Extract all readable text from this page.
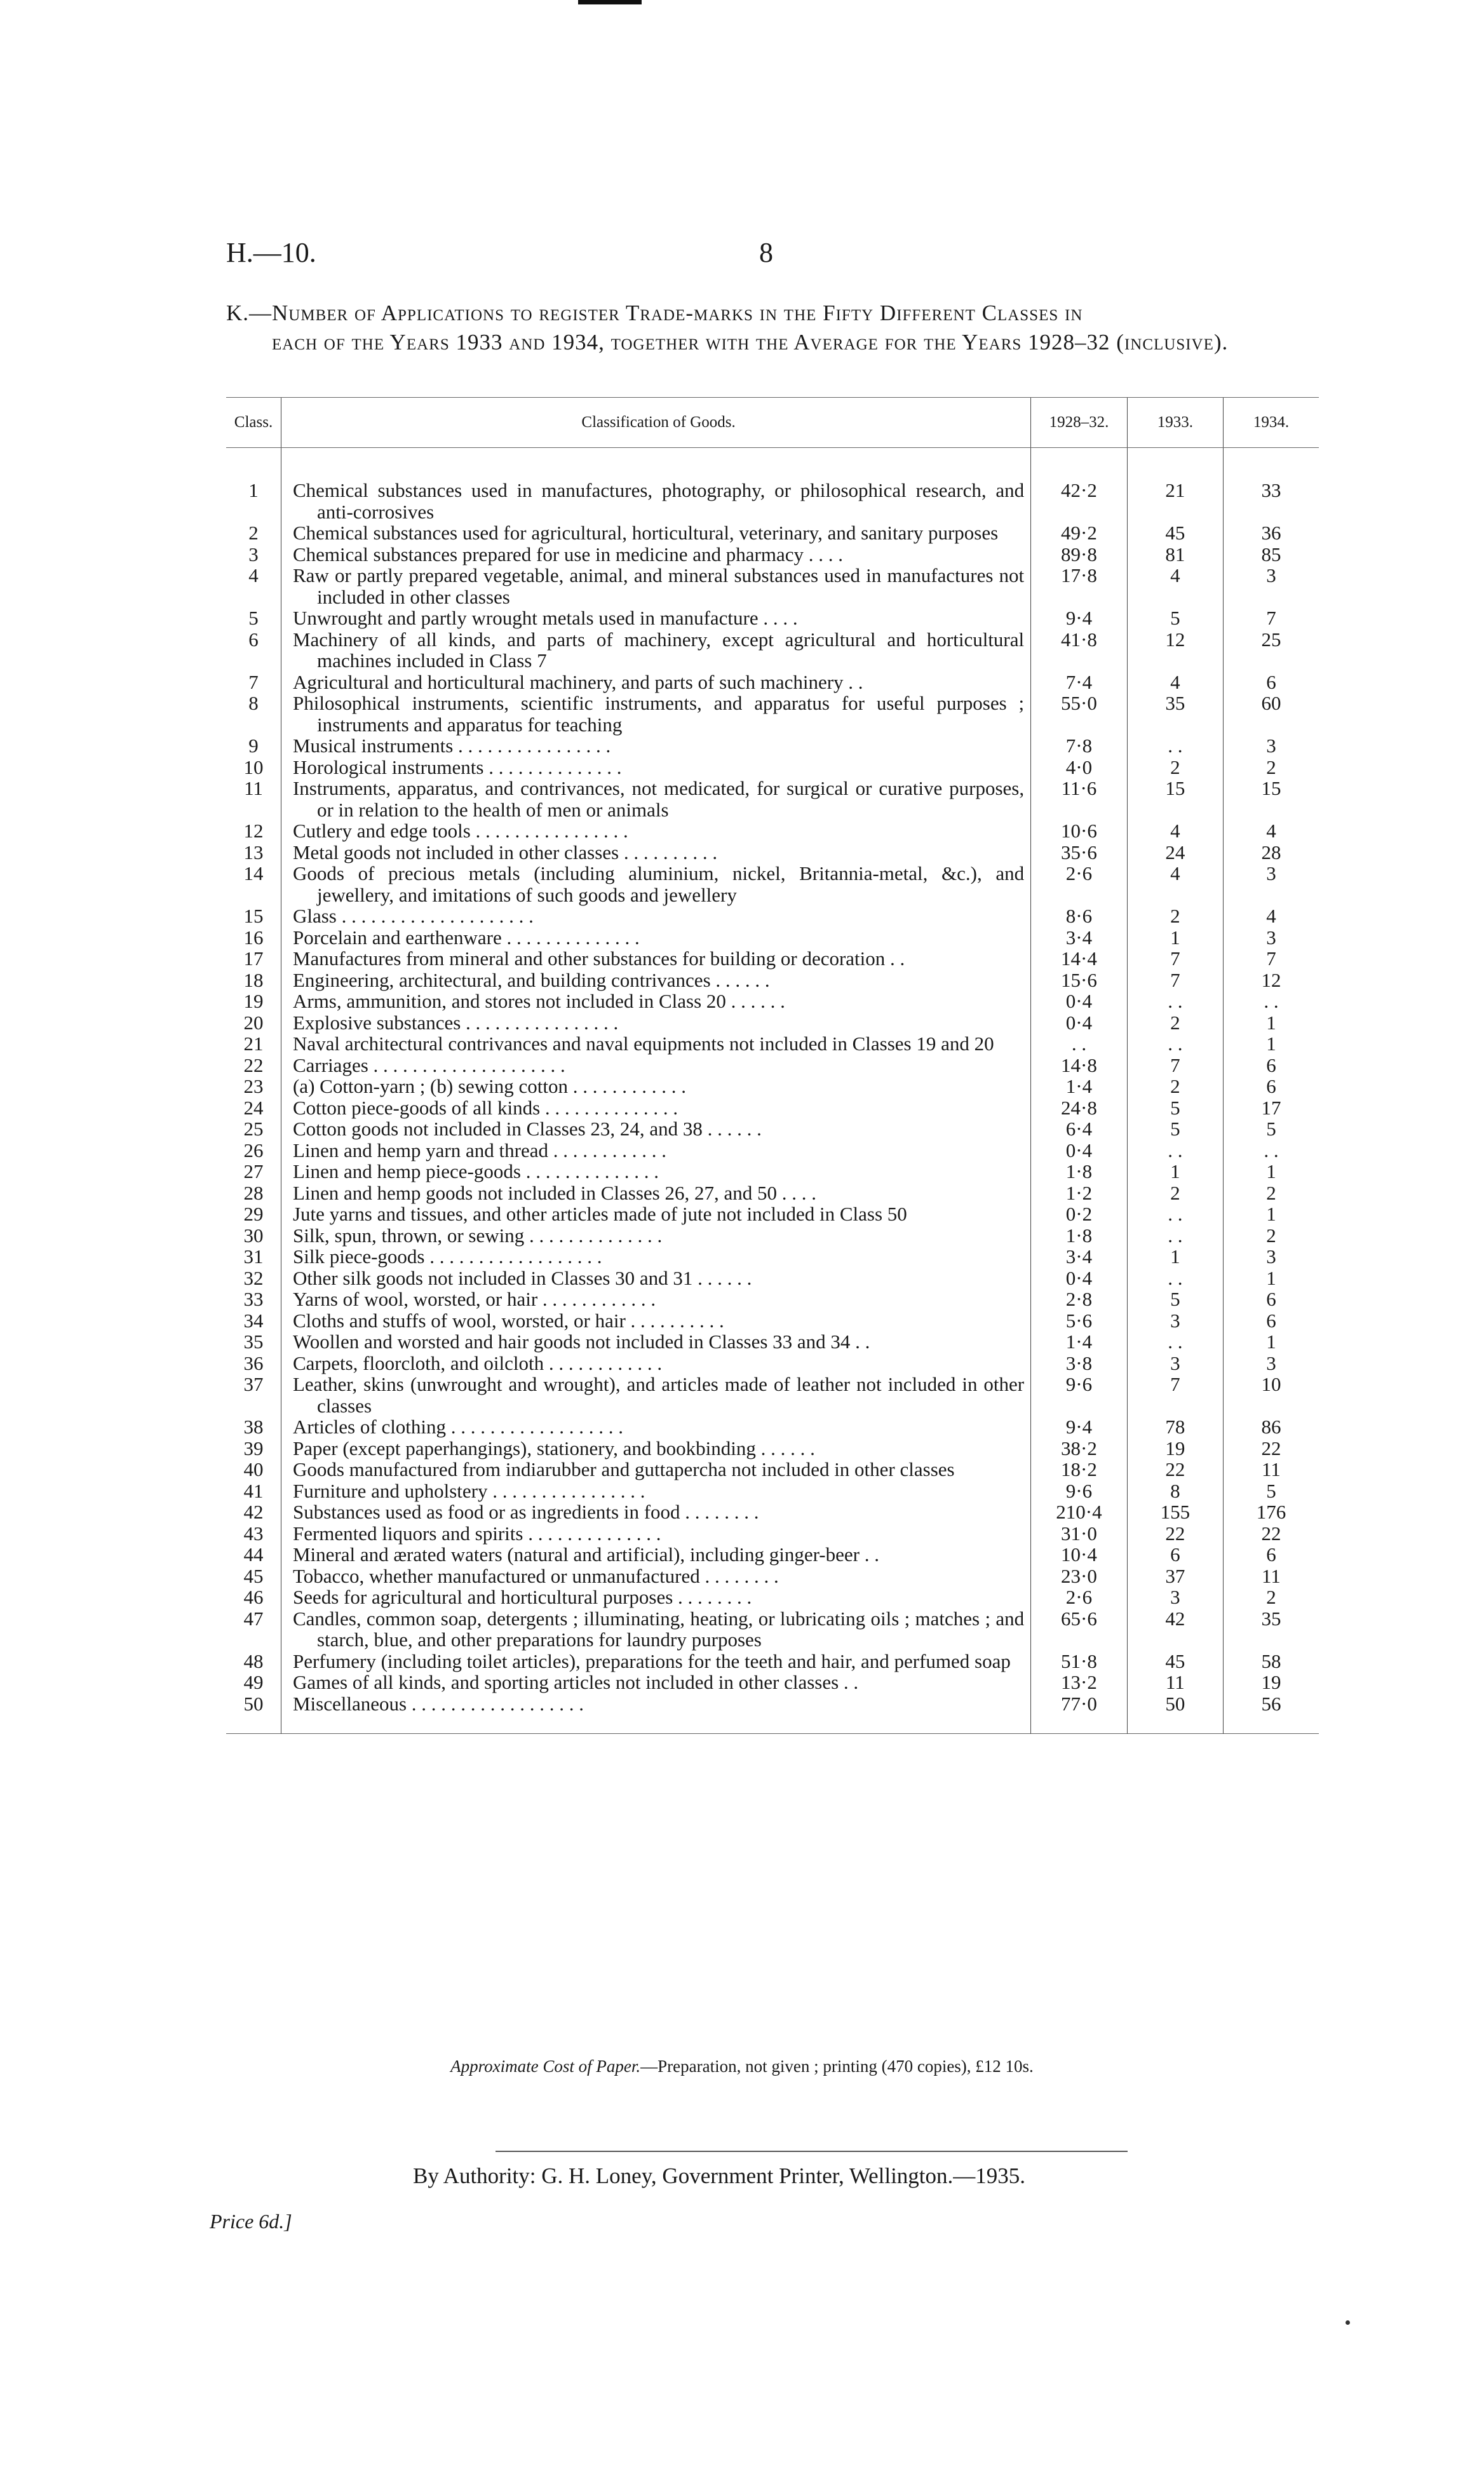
H.—10.	8
K.—Number of Applications to register Trade-marks in the Fifty Different Classes in
each of the Years 1933 and 1934, together with the Average for the Years 1928–32 (inclusive).
Class.	Classification of Goods.	1928–32.	1933.	1934.
1	Chemical substances used in manufactures, photography, or philosophical research, and anti-corrosives	42·2	21	33
2	Chemical substances used for agricultural, horticultural, veterinary, and sanitary purposes	49·2	45	36
3	Chemical substances prepared for use in medicine and pharmacy . . . .	89·8	81	85
4	Raw or partly prepared vegetable, animal, and mineral substances used in manufactures not included in other classes	17·8	4	3
5	Unwrought and partly wrought metals used in manufacture . . . .	9·4	5	7
6	Machinery of all kinds, and parts of machinery, except agricultural and horticultural machines included in Class 7	41·8	12	25
7	Agricultural and horticultural machinery, and parts of such machinery . .	7·4	4	6
8	Philosophical instruments, scientific instruments, and apparatus for useful purposes ; instruments and apparatus for teaching	55·0	35	60
9	Musical instruments . . . . . . . . . . . . . . . .	7·8	. .	3
10	Horological instruments . . . . . . . . . . . . . .	4·0	2	2
11	Instruments, apparatus, and contrivances, not medicated, for surgical or curative purposes, or in relation to the health of men or animals	11·6	15	15
12	Cutlery and edge tools . . . . . . . . . . . . . . . .	10·6	4	4
13	Metal goods not included in other classes . . . . . . . . . .	35·6	24	28
14	Goods of precious metals (including aluminium, nickel, Britannia-metal, &c.), and jewellery, and imitations of such goods and jewellery	2·6	4	3
15	Glass . . . . . . . . . . . . . . . . . . . .	8·6	2	4
16	Porcelain and earthenware . . . . . . . . . . . . . .	3·4	1	3
17	Manufactures from mineral and other substances for building or decoration . .	14·4	7	7
18	Engineering, architectural, and building contrivances . . . . . .	15·6	7	12
19	Arms, ammunition, and stores not included in Class 20 . . . . . .	0·4	. .	. .
20	Explosive substances . . . . . . . . . . . . . . . .	0·4	2	1
21	Naval architectural contrivances and naval equipments not included in Classes 19 and 20	. .	. .	1
22	Carriages . . . . . . . . . . . . . . . . . . . .	14·8	7	6
23	(a) Cotton-yarn ; (b) sewing cotton . . . . . . . . . . . .	1·4	2	6
24	Cotton piece-goods of all kinds . . . . . . . . . . . . . .	24·8	5	17
25	Cotton goods not included in Classes 23, 24, and 38 . . . . . .	6·4	5	5
26	Linen and hemp yarn and thread . . . . . . . . . . . .	0·4	. .	. .
27	Linen and hemp piece-goods . . . . . . . . . . . . . .	1·8	1	1
28	Linen and hemp goods not included in Classes 26, 27, and 50 . . . .	1·2	2	2
29	Jute yarns and tissues, and other articles made of jute not included in Class 50	0·2	. .	1
30	Silk, spun, thrown, or sewing . . . . . . . . . . . . . .	1·8	. .	2
31	Silk piece-goods . . . . . . . . . . . . . . . . . .	3·4	1	3
32	Other silk goods not included in Classes 30 and 31 . . . . . .	0·4	. .	1
33	Yarns of wool, worsted, or hair . . . . . . . . . . . .	2·8	5	6
34	Cloths and stuffs of wool, worsted, or hair . . . . . . . . . .	5·6	3	6
35	Woollen and worsted and hair goods not included in Classes 33 and 34 . .	1·4	. .	1
36	Carpets, floorcloth, and oilcloth . . . . . . . . . . . .	3·8	3	3
37	Leather, skins (unwrought and wrought), and articles made of leather not included in other classes	9·6	7	10
38	Articles of clothing . . . . . . . . . . . . . . . . . .	9·4	78	86
39	Paper (except paperhangings), stationery, and bookbinding . . . . . .	38·2	19	22
40	Goods manufactured from indiarubber and guttapercha not included in other classes	18·2	22	11
41	Furniture and upholstery . . . . . . . . . . . . . . . .	9·6	8	5
42	Substances used as food or as ingredients in food . . . . . . . .	210·4	155	176
43	Fermented liquors and spirits . . . . . . . . . . . . . .	31·0	22	22
44	Mineral and ærated waters (natural and artificial), including ginger-beer . .	10·4	6	6
45	Tobacco, whether manufactured or unmanufactured . . . . . . . .	23·0	37	11
46	Seeds for agricultural and horticultural purposes . . . . . . . .	2·6	3	2
47	Candles, common soap, detergents ; illuminating, heating, or lubricating oils ; matches ; and starch, blue, and other preparations for laundry purposes	65·6	42	35
48	Perfumery (including toilet articles), preparations for the teeth and hair, and perfumed soap	51·8	45	58
49	Games of all kinds, and sporting articles not included in other classes . .	13·2	11	19
50	Miscellaneous . . . . . . . . . . . . . . . . . .	77·0	50	56

Approximate Cost of Paper.—Preparation, not given ; printing (470 copies), £12 10s.
By Authority: G. H. Loney, Government Printer, Wellington.—1935.
Price 6d.]
